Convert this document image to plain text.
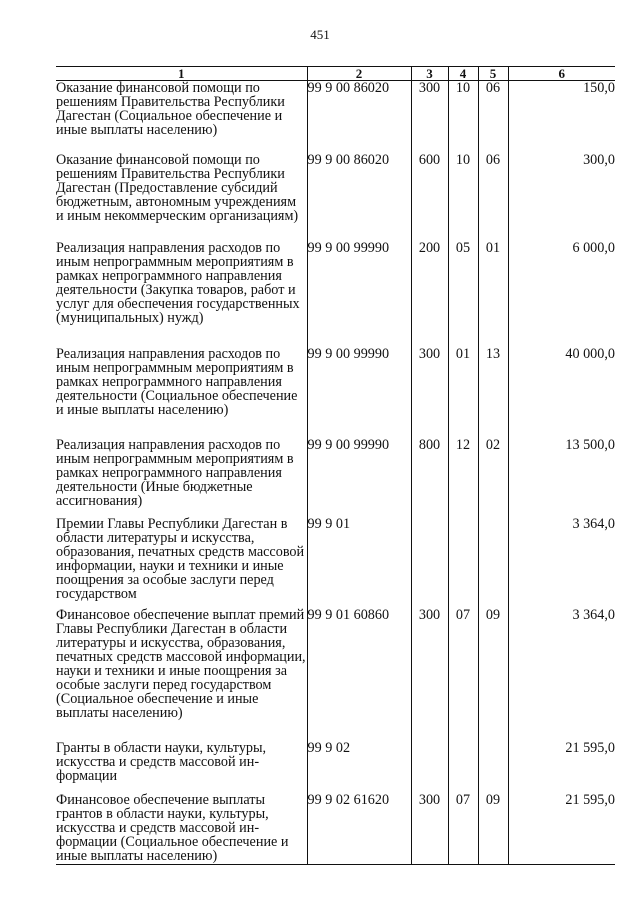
451
1	2	3	4	5	6
Оказание финансовой помощи по решениям Правительства Республики Дагестан (Социальное обеспечение и иные выплаты населению)	99 9 00 86020	300	10	06	150,0
Оказание финансовой помощи по решениям Правительства Республики Дагестан (Предоставление субсидий бюджетным, автономным учреждениям и иным некоммерческим организациям)	99 9 00 86020	600	10	06	300,0
Реализация направления расходов по иным непрограммным мероприятиям в рамках непрограммного направления деятельности (Закупка товаров, работ и услуг для обеспечения государственных (муниципальных) нужд)	99 9 00 99990	200	05	01	6 000,0
Реализация направления расходов по иным непрограммным мероприятиям в рамках непрограммного направления деятельности (Социальное обеспечение и иные выплаты населению)	99 9 00 99990	300	01	13	40 000,0
Реализация направления расходов по иным непрограммным мероприятиям в рамках непрограммного направления деятельности (Иные бюджетные ассигнования)	99 9 00 99990	800	12	02	13 500,0
Премии Главы Республики Дагестан в области литературы и искусства, образования, печатных средств массовой информации, науки и техники и иные поощрения за особые заслуги перед государством	99 9 01				3 364,0
Финансовое обеспечение выплат премий Главы Республики Дагестан в области литературы и искусства, образования, печатных средств массовой информации, науки и техники и иные поощрения за особые заслуги перед государством (Социальное обеспечение и иные выплаты населению)	99 9 01 60860	300	07	09	3 364,0
Гранты в области науки, культуры, искусства и средств массовой информации	99 9 02				21 595,0
Финансовое обеспечение выплаты грантов в области науки, культуры, искусства и средств массовой информации (Социальное обеспечение и иные выплаты населению)	99 9 02 61620	300	07	09	21 595,0
